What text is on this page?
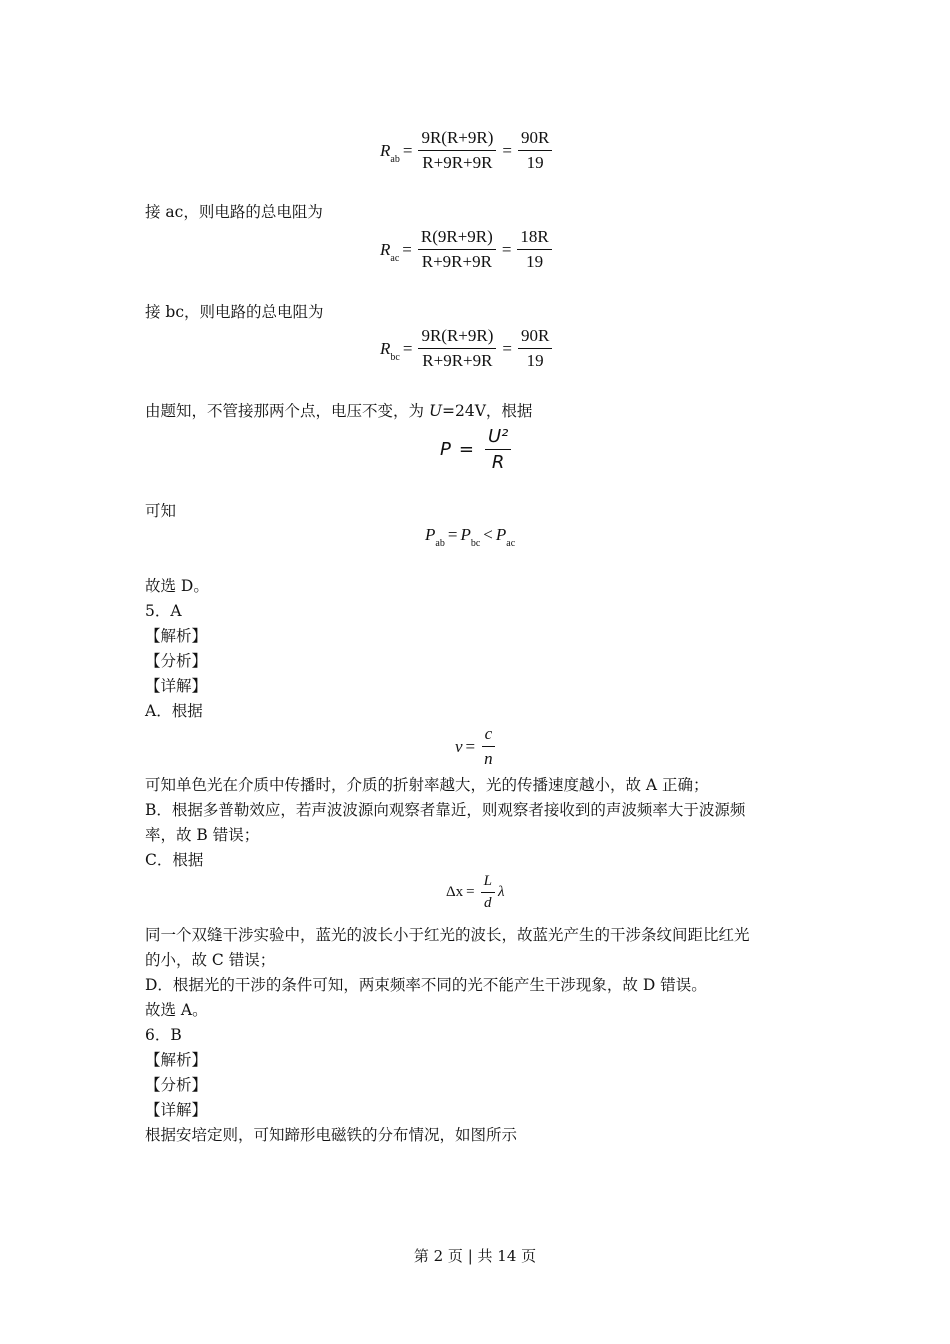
$R_{ab} = \frac{9R(R+9R)}{R+9R+9R} = \frac{90R}{19}$
接 ac，则电路的总电阻为
$R_{ac} = \frac{R(9R+9R)}{R+9R+9R} = \frac{18R}{19}$
接 bc，则电路的总电阻为
$R_{bc} = \frac{9R(R+9R)}{R+9R+9R} = \frac{90R}{19}$
由题知，不管接那两个点，电压不变，为 U=24V，根据
$P = \frac{\text{U²}}{R}$
可知
$P_{ab} = P_{bc} < P_{ac}$
故选 D。
5．A
【解析】
【分析】
【详解】
A．根据
$v = \frac{c}{n}$
可知单色光在介质中传播时，介质的折射率越大，光的传播速度越小，故 A 正确；
B．根据多普勒效应，若声波波源向观察者靠近，则观察者接收到的声波频率大于波源频
率，故 B 错误；
C．根据
$\Delta x = \frac{L}{d}$ λ
同一个双缝干涉实验中，蓝光的波长小于红光的波长，故蓝光产生的干涉条纹间距比红光
的小，故 C 错误；
D．根据光的干涉的条件可知，两束频率不同的光不能产生干涉现象，故 D 错误。
故选 A。
6．B
【解析】
【分析】
【详解】
根据安培定则，可知蹄形电磁铁的分布情况，如图所示
第 2 页 | 共 14 页
